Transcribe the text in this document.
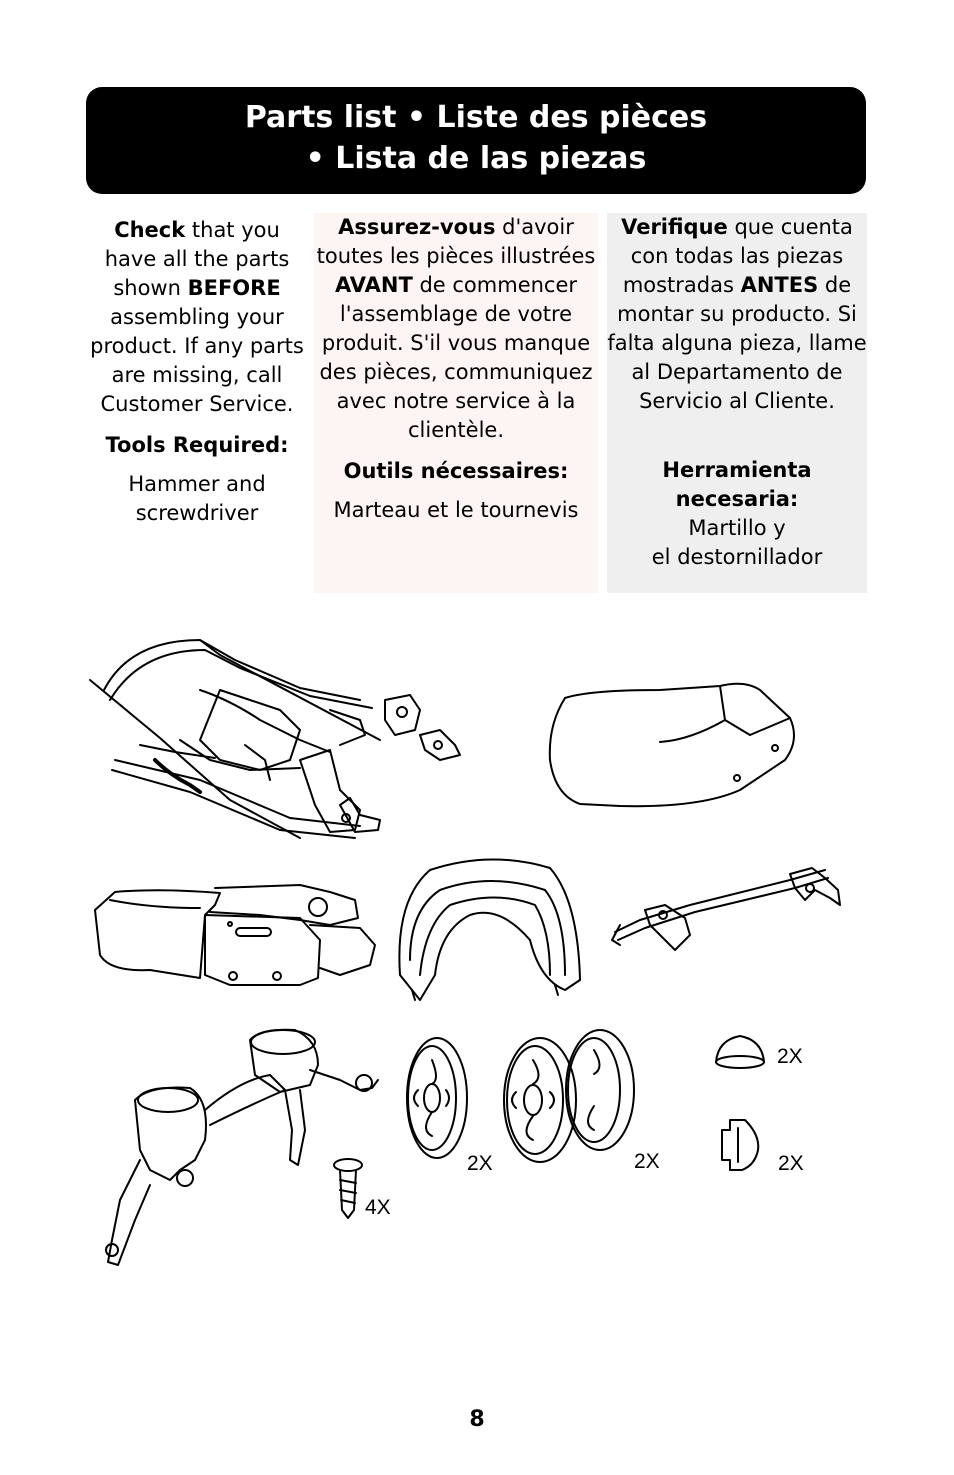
Parts list • Liste des pièces
• Lista de las piezas

Check that you have all the parts shown BEFORE assembling your product. If any parts are missing, call Customer Service.

Tools Required:

Hammer and screwdriver

Assurez-vous d'avoir toutes les pièces illustrées AVANT de commencer l'assemblage de votre produit. S'il vous manque des pièces, communiquez avec notre service à la clientèle.

Outils nécessaires:

Marteau et le tournevis

Verifique que cuenta con todas las piezas mostradas ANTES de montar su producto. Si falta alguna pieza, llame al Departamento de Servicio al Cliente.

Herramienta necesaria:

Martillo y

el destornillador

4X
2X	2X
2X
2X
8
